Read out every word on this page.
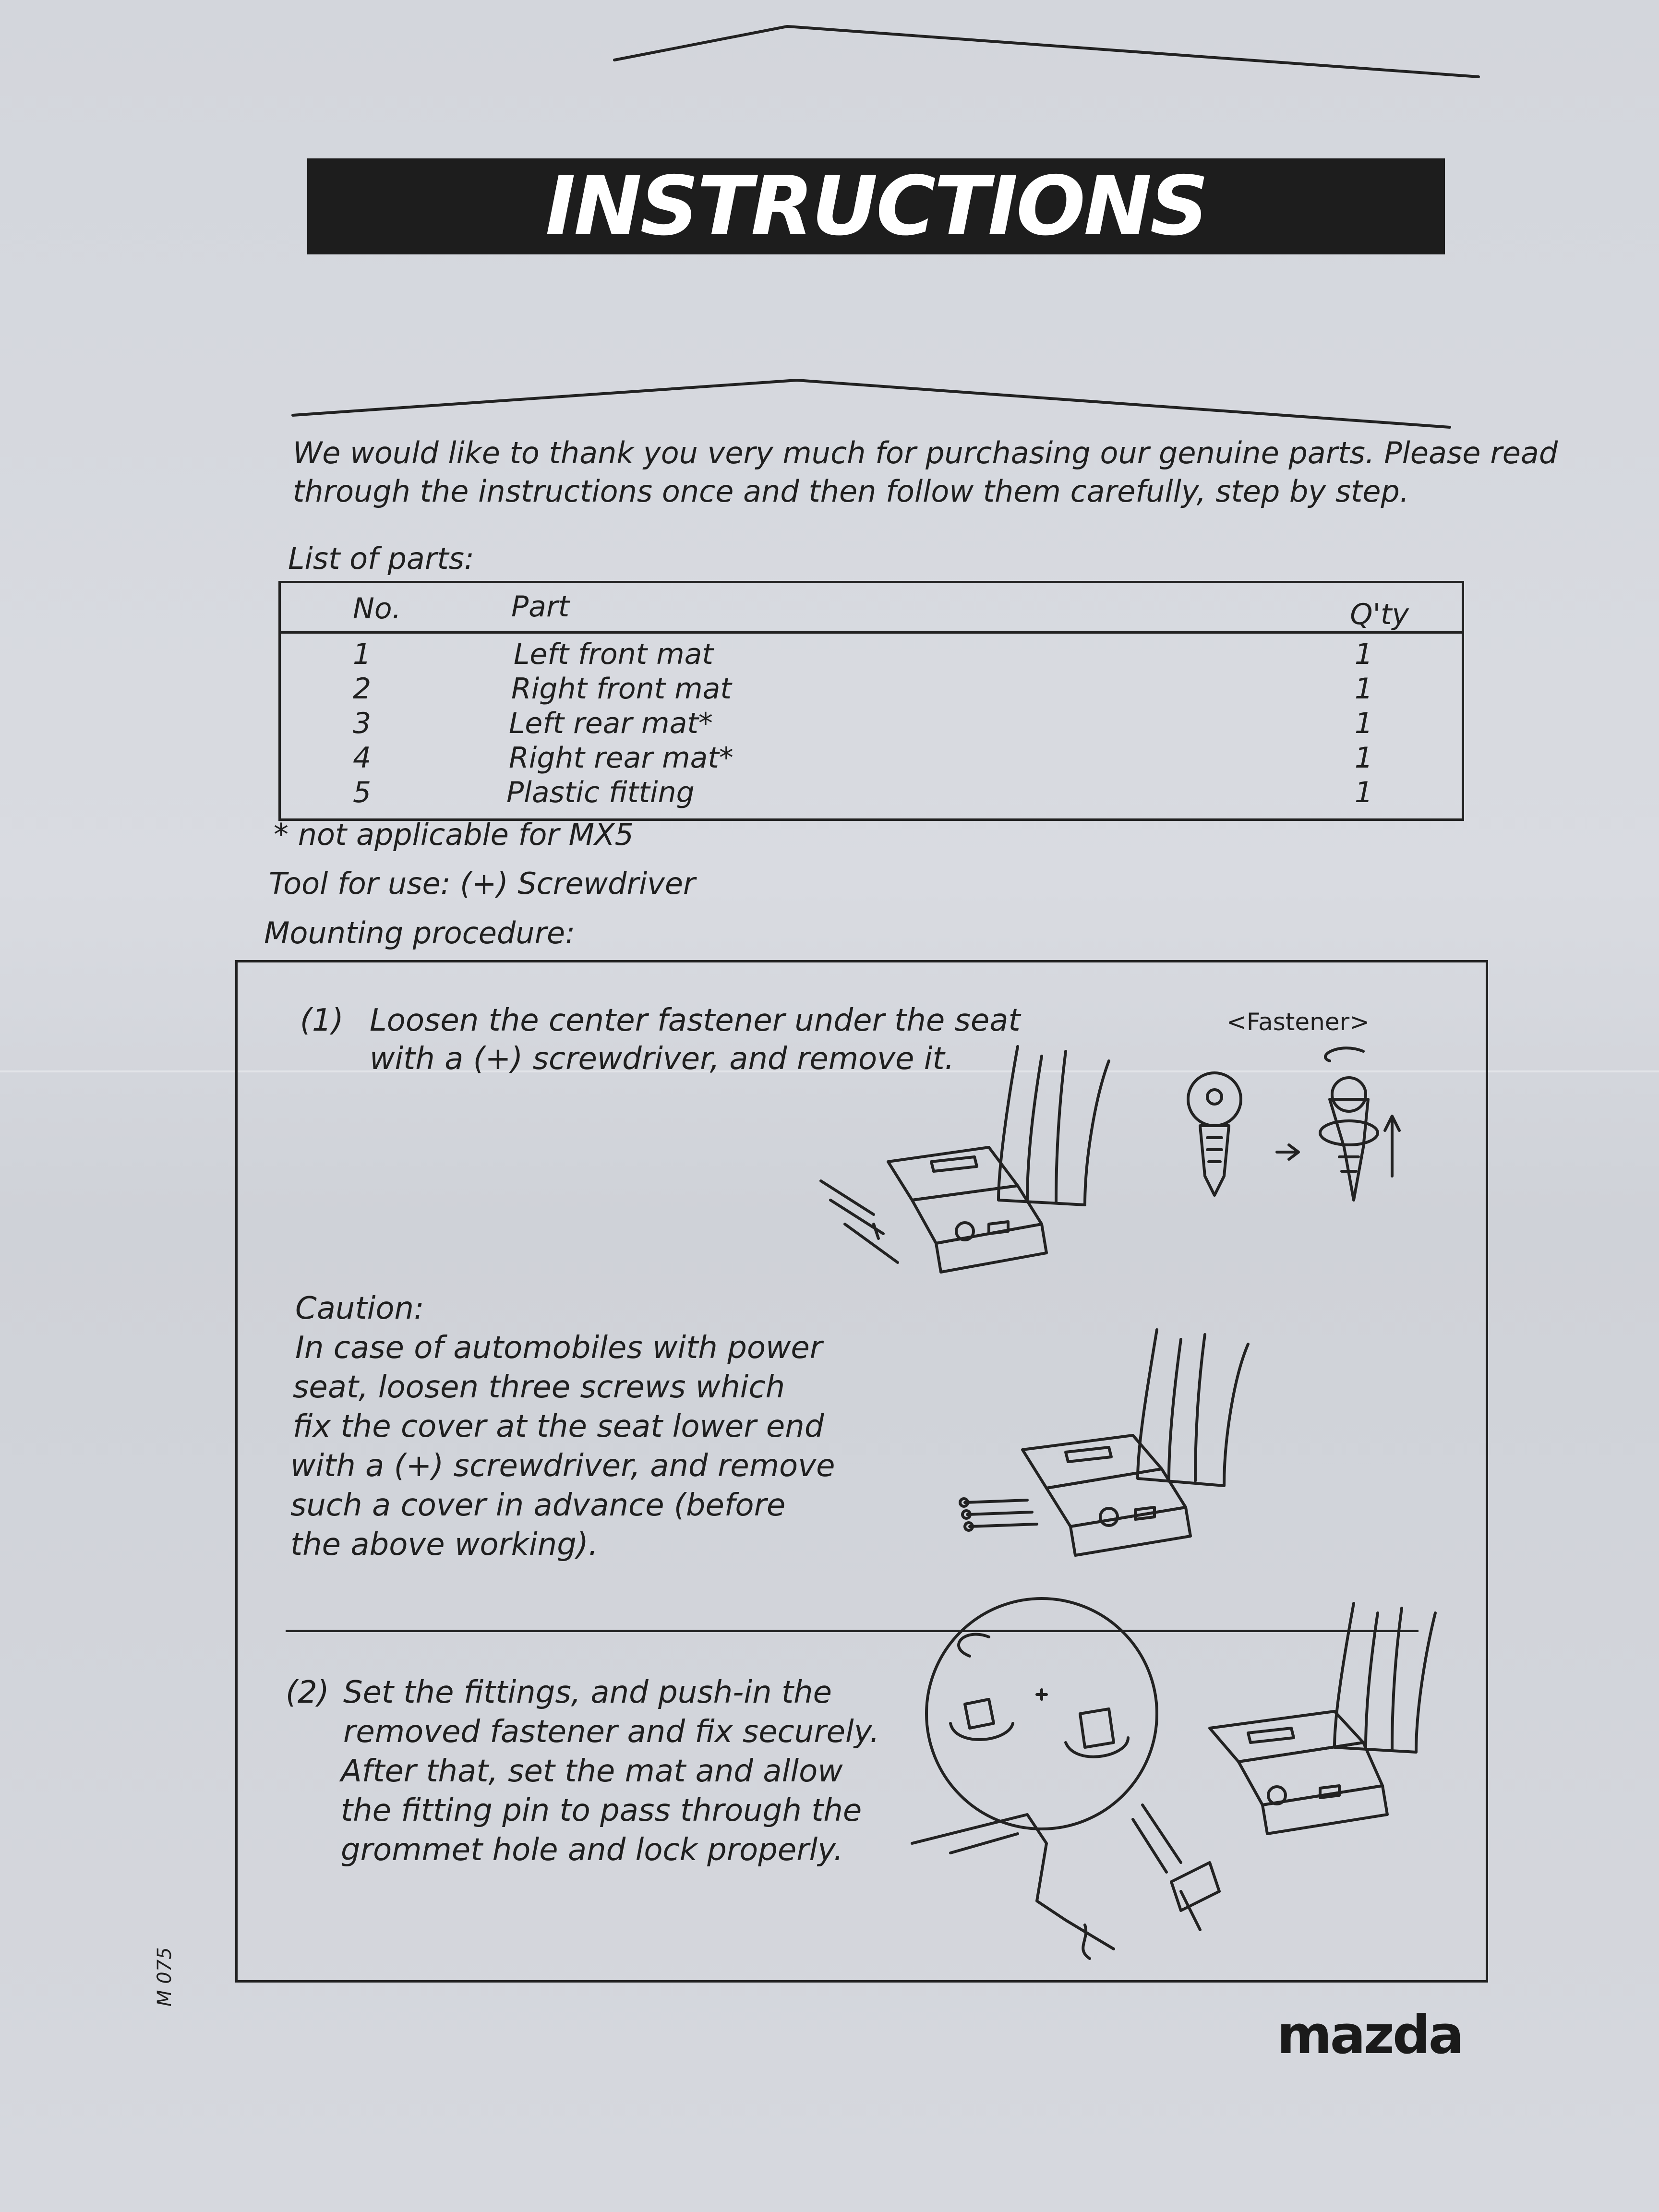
INSTRUCTIONS
We would like to thank you very much for purchasing our genuine parts. Please read
through the instructions once and then follow them carefully, step by step.
List of parts:
No.	Part	Q'ty
1	Left front mat	1
2	Right front mat	1
3	Left rear mat*	1
4	Right rear mat*	1
5	Plastic fitting	1
* not applicable for MX5
Tool for use: (+) Screwdriver
Mounting procedure:
(1) Loosen the center fastener under the seat
with a (+) screwdriver, and remove it.
<Fastener>
Caution:
In case of automobiles with power
seat, loosen three screws which
fix the cover at the seat lower end
with a (+) screwdriver, and remove
such a cover in advance (before
the above working).
(2) Set the fittings, and push-in the
removed fastener and fix securely.
After that, set the mat and allow
the fitting pin to pass through the
grommet hole and lock properly.
mazda
M 075
